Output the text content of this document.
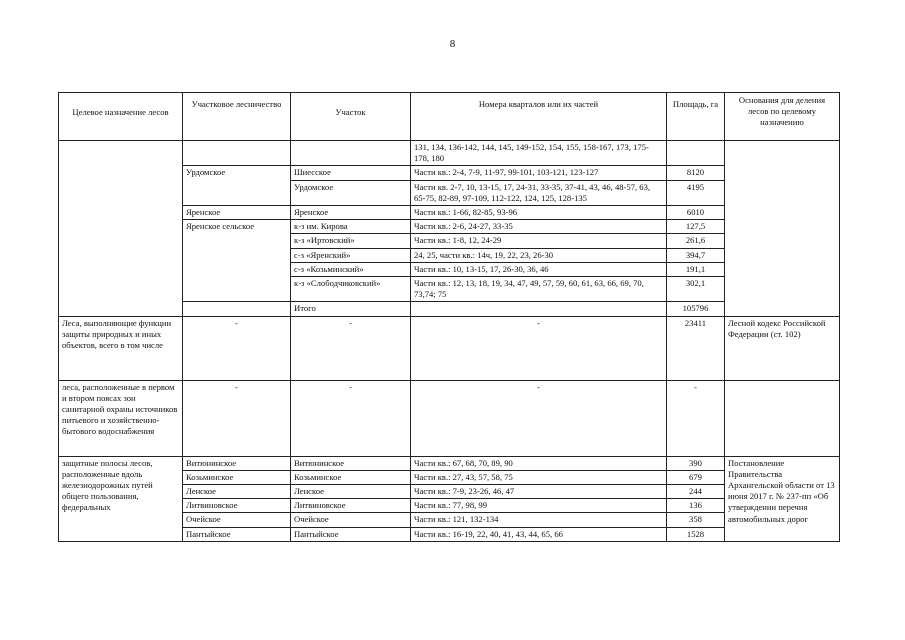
8
Целевое назначение лесов	Участковое лесничество	Участок	Номера кварталов или их частей	Площадь, га	Основания для деления лесов по целевому назначению
			131, 134, 136-142, 144, 145, 149-152, 154, 155, 158-167, 173, 175-178, 180		
	Урдомское	Шиесское	Части кв.: 2-4, 7-9, 11-97, 99-101, 103-121, 123-127	8120	
		Урдомское	Части кв. 2-7, 10, 13-15, 17, 24-31, 33-35, 37-41, 43, 46, 48-57, 63, 65-75, 82-89, 97-109, 112-122, 124, 125, 128-135	4195	
	Яренское	Яренское	Части кв.: 1-66, 82-85, 93-96	6010	
	Яренское сельское	к-з им. Кирова	Части кв.: 2-6, 24-27, 33-35	127,5	
		к-з «Иртовский»	Части кв.: 1-8, 12, 24-29	261,6	
		с-з «Яренский»	24, 25, части кв.: 14ч, 19, 22, 23, 26-30	394,7	
		с-з «Козьминский»	Части кв.: 10, 13-15, 17, 26-30, 36, 46	191,1	
		к-з «Слободчиковский»	Части кв.: 12, 13, 18, 19, 34, 47, 49, 57, 59, 60, 61, 63, 66, 69, 70, 73,74; 75	302,1	
		Итого		105796	
Леса, выполняющие функции защиты природных и иных объектов, всего в том числе	-	-	-	23411	Лесной кодекс Российской Федерации (ст. 102)
леса, расположенные в первом и втором поясах зон санитарной охраны источников питьевого и хозяйственно-бытового водоснабжения	-	-	-	-	
защитные полосы лесов, расположенные вдоль железнодорожных путей общего пользования, федеральных	Витюнинское	Витюнинское	Части кв.: 67, 68, 70, 89, 90	390	Постановление Правительства Архангельской области от 13 июня 2017 г. № 237-пп «Об утверждении перечня автомобильных дорог
	Козьминское	Козьминское	Части кв.: 27, 43, 57, 58, 75	679	
	Ленское	Ленское	Части кв.: 7-9, 23-26, 46, 47	244	
	Литвиновское	Литвиновское	Части кв.: 77, 98, 99	136	
	Очейское	Очейское	Части кв.: 121, 132-134	358	
	Пантыйское	Пантыйское	Части кв.: 16-19, 22, 40, 41, 43, 44, 65, 66	1528	
